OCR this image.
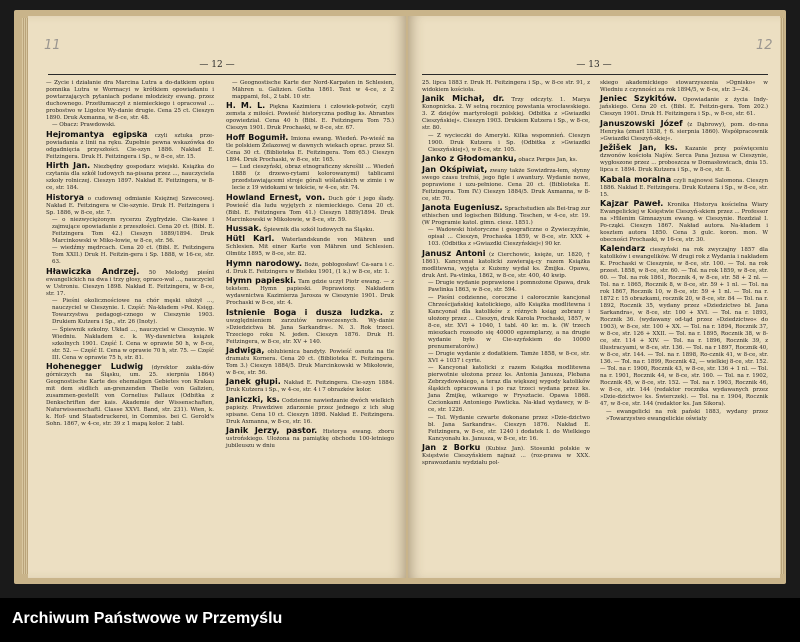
11
— 12 —

— Zycie i działanie dra Marcina Lutra a do-datkiem opisu pomnika Lutra w Wormacyi w krótkiem opowiadaniu i powtarzających pytaniach podane młodzieży ewang. przez duchownego. Przetłumaczył z niemieckiego i opracował ... probostwo w Ligotce Wy-danie drugie. Cena 25 ct. Cieszyn 1890. Druk Axmanna, w 8-ce, str. 48.

— Obacz: Prawdowski.

Hejromantya egipska czyli sztuka prze-powiadania z linii na ręku. Zupełnie pewna wskazówka do odgadnięcia przyszłości. Cie-szyn 1886. Nakład E. Feitzingera. Druk H. Feitzingera i Sp., w 8-ce, str. 15.

Hirth Jan. Niezbędny gospodarz wiejski. Książka do czytania dla szkół ludowych na-pisana przez ..., nauczyciela szkoły rolniczej. Cieszyn 1897. Nakład E. Feitzingera, w 8-ce, str. 184.

Historya o cudownej odmianie Księżnej Szwecowej. Nakład E. Feitzingera w Cie-szynie. Druk H. Feitzingera i Sp. 1886, w 8-ce, str. 7.

— o niezwyciężonym rycerzu Zygfrydzie. Cie-kawe i zajmujące opowiadanie z przeszłości. Cena 20 ct. (Bibl. E. Feitzingera Tom 42.) Cieszyn 1889/1894. Druk Marcinkowski w Miko-łowie, w 8-ce, str. 56.

— wiedźmy mędrcach. Cena 20 ct. (Bibl. E. Feitzingera Tom XXII.) Druk H. Feitzin-gera i Sp. 1888, w 16-ce, str. 63.

Hławiczka Andrzej. 50 Melodyj pieśni ewangelickich na dwa i trzy głosy, opraco-wał ..., nauczyciel w Ustroniu. Cieszyn 1898. Nakład E. Feitzingera, w 8-ce, str. 17.

— Pieśni okolicznościowe na chór męski ułożył ..., nauczyciel w Cieszynie. I. Część: Na-kładem »Pol. Księg. Towarzystwa pedagogi-cznego w Cieszynie 1903. Drukiem Kutzera i Sp., str. 26 (Inoty).

— Śpiewnik szkolny. Układ ..., nauczyciel w Cieszynie. W Wiedniu. Nakładem c. k. Wy-dawnictwa książek szkolnych 1901. Część I. Cena w oprawie 50 h, w 8-ce, str. 52. — Część II. Cena w oprawie 70 h, str. 75. — Część III. Cena w oprawie 75 h, str. 81.

Hohenegger Ludwig (dyrektor zakła-dów górniczych na Śląsku, um. 25. sierpnia 1864) Geognostische Karte des ehemaligen Gebietes von Krakau mit dem südlich an-grenzenden Theile von Galizien, zusammen-gestellt von Cornelius Fallaux (Odbitka z Denkschriften der kais. Akademie der Wissenschaften, Naturwissenschaftl. Classe XXVI. Band, str. 231). Wien, k. k. Hof- und Staatsdruckerei, in Commiss. bei C. Gerold's Sohn. 1867, w 4-ce, str. 39 z 1 mapą kolor. 2 tabl.

— Geognostische Karte der Nord-Karpaten in Schlesien, Mähren u. Galizien. Gotha 1861. Text w 4-ce, z 2 mappami, fol., 2 tabl. 10 str.

H. M. L. Piękna Kazimiera i człowiek-potwór, czyli zemsta z miłości. Powieść historyczna podług ks. Abrantes opowiedział. Cena 40 h (Bibl. E. Feitzingera Tom 75.) Cieszyn 1901. Druk Prochaski, w 8-ce, str. 67.

Hoff Bogumił. Imiona ewang. Wiedeń. Po-wieść na tle polskiem Żelazowej w dawnych wiekach oprac. przez Sł. Cena 30 ct. (Biblioteka E. Feitzingera. Tom 65.) Cieszyn 1894. Druk Prochaski, w 8-ce, str. 165.

— Lud cieszyński, obraz etnograficzny skreślił ... Wiedeń 1888 (z drzewo-rytami kolorowanymi) tablicami przedstawiającemi stroje górali wiślańskich w zimie i w lecie z 19 widokami w tekście, w 4-ce, str. 74.

Howland Ernest, von. Duch gór i jego ślady. Powieść dla ludu wyjętych z niemieckiego. Cena 20 ct. (Bibl. E. Feitzingera Tom 41.) Cieszyn 1889/1894. Druk Marcinkowski w Mikołowie, w 8-ce, str. 59.

Hussak. Śpiewnik dla szkół ludowych na Śląsku.

Hütl Karl. Waterlandskunde von Mähren und Schlesien. Mit einer Karte von Mähren und Schlesien. Olmütz 1895, w 8-ce, str. 82.

Hymn narodowy. Boże, pobłogosław! Ca-sara i c. d. Druk E. Feitzingera w Bielsku 1901, (1 k.) w 8-ce, str. 1.

Hymn papieski. Tam gdzie uczył Piotr ewang. — z tekstem. Hymn papieski. Poprawiony. Nakładem wydawnictwa Kazimierza Jarosza w Cieszynie 1901. Druk Prochaski w 8-ce, str. 4.

Istnienie Boga i dusza ludzka. Z uwzględnieniem zarzutów nowoczesnych. Wy-danie »Dziedzictwa bł. Jana Sarkandra«. N. 3. Rok trzeci. Trzeciego roku N. jeden. Cieszyn 1876. Druk H. Feitzingera, w 8-ce, str. XV + 140.

Jadwiga, oblubienica bandyty. Powieść osnuta na tle dramatu Kornera. Cena 20 ct. (Biblioteka E. Feitzingera. Tom 3.) Cieszyn 1884/5. Druk Marcinkowski w Mikołowie, w 8-ce, str. 56.

Janek głupi. Nakład E. Feitzingera. Cie-szyn 1884. Druk Kutzera i Sp., w 4-ce, str. 4 i 7 obrazków kolor.

Janiczki, ks. Codzienne nawiedzanie dwóch wielkich papieży. Prawdziwe zdarzenie przez jednego z ich sług spisane. Cena 10 ct. Cieszyn 1898. Nakład E. Feitzingera. Druk Axmanna, w 8-ce, str. 16.

Janik Jerzy, pastor. Historya ewang. zboru ustrońskiego. Ułożona na pamiątkę obchodu 100-letniego jubileuszu w dniu

12
— 13 —

25. lipca 1883 r. Druk H. Feitzingera i Sp., w 8-ce str. 91, z widokiem kościoła.

Janik Michał, dr. Trzy odczyty. 1. Marya Konopnicka. 2. W setną rocznicę powstania wrocławskiego. 3. Z dziejów martyrologii polskiej. Odbitka z »Gwiazdki Cieszyńskiej«. Cieszyn 1903. Drukiem Kutzera i Sp., w 8-ce, str. 80.

— Z wycieczki do Ameryki. Kilka wspomnień. Cieszyn 1900. Druk Kutzera i Sp. (Odbitka z »Gwiazdki Cieszyńskiej«), w 8-ce, str. 105.

Janko z Głodomanku, obacz Perges Jan, ks.

Jan Okśpiwiat, zwany także Sowizdrza-łem, słynny swego czasu trefniś, jego figle i awantury. Wydanie nowe, poprawione i uzu-pełnione. Cena 20 ct. (Biblioteka E. Feitzingera. Tom IV.) Cieszyn 1884/5. Druk Axmanna, w 8-ce, str. 70.

Janota Eugeniusz. Sprachstudien als Bei-trag zur ethischen und logischen Bildung. Teschen, w 4-ce, str. 19. (W Programie katol. gimn. ciesz. 1851.)

— Wadowski historyczne i geograficzne o Żywieczyźnie, opisał ... Cieszyn, Prochaska 1859, w 8-ce, str. XXX + 103. (Odbitka z »Gwiazdki Cieszyńskiej«) 90 kr.

Janusz Antoni (z Cierchowic, księże, ur. 1820, † 1861). Kancyonał katolicki zawierają-cy razem Książka modlitewna, wyjęta z Kużeny wydał ks. Żmijka. Opawa, druk Ant. Pa-vlinka, 1862, w 8-ce, str. 400, 40 kwip.

— Drugie wydanie poprawione i pomnożone Opawa, druk Pawlinka 1863, w 8-ce, str. 594.

— Pieśni codzienne, coroczne i całorocznie kancjonał Chrześcijańskiej katolickiego, alfo Książka modlitewna i Kancyonał dla katolików z różnych ksiąg zebrany i ułożony przez ... Cieszyn, druk Karola Prochaski, 1857, w 8-ce, str. XVI + 1040, 1 tabl. 40 kr. m. k. (W trzech mieszkach rozeszło się 40000 egzemplarzy, a na drugie wydanie było w Cie-szyńskiem do 10000 prenumeratorów.)

— Drugie wydanie z dodatkiem. Tamże 1858, w 8-ce, str. XVI + 1037 i cyrte.

— Kancyonał katolicki z razem Książka modlitewna pierwotnie ułożona przez ks. Antonia Janusza, Plebana Zebrzydowskiego, a teraz dla większej wygody katolików śląskich opracowana i po raz trzeci wydana przez ks. Jana Żmijkę, wikarego w Frysztacie. Opawa 1868. Czcionkami Antoniego Pawlicka. Na-kład wydawcy, w 8-ce, str. 1226.

— Tol. Wydanie czwarte dokonane przez »Dzie-dzictwo bł. Jana Sarkandra«. Cieszyn 1876. Nakład E. Feitzingera, w 8-ce, str. 1240 i dodatek I. do Wielkiego Kancyonału ks. Janusza, w 8-ce, str. 16.

Jan z Borku (Kubisz Jan). Stosunki polskie w Księstwie Cieszyńskiem najnaż ... (roz-prawa w XXX. sprawozdaniu wydziału pol-

skiego akademickiego stowarzyszenia »Ognisko« w Wiedniu z czynności za rok 1894/5, w 8-ce, str. 3—24.

Jeniec Szykitów. Opowiadanie z życia Indy-jańskiego. Cena 20 ct. (Bibl. E. Feitzin-gera. Tom 202.) Cieszyn 1901. Druk H. Feitzingera i Sp., w 8-ce, str. 61.

Januszowski Józef (z Dąbrowy), pom. do-nna Henryka (zmarł 1838, † 6. sierpnia 1860). Współpracownik »Gwiazdki Cieszyń-skiej«.

Ježišek Jan, ks. Kazanie przy poświęceniu dzwonów kościoła Najśw. Serca Pana Jezusa w Cieszynie, wygłoszone przez ... proboszcza w Domasłowicach, dnia 15. lipca r. 1894. Druk Kutzera i Sp., w 8-ce, str. 8.

Kabala moralna czyli najnowsi Salomona. Cieszyn 1886. Nakład E. Feitzingera. Druk Kutzera i Sp., w 8-ce, str. 15.

Kajzar Paweł. Kronika Historya kościelna Wiary Ewangelickiej w Księstwie Cieszyń-skiem przez ... Professor na »Hilenim Gimnazyum ewang. w Cieszynie. Rozdział I. Po-cząki. Cieszyn 1867. Nakład autora. Na-kładem i kosztem autora 1850. Cena 3 gulc. koron. mon. W obecności Prochaski, w 16-ce, str. 30.

Kalendarz cieszyński na rok zwyczajny 1857 dla katolików i ewangelików. W drugi rok z Wydania i nakładem K. Prochaski w Cieszynie, w 8-ce, str. 100. — Tol. na rok przest. 1858, w 8-ce, str. 60. — Tol. na rok 1859, w 8-ce, str. 60. — Tol. na rok 1861, Rocznik 4, w 8-ce, str. 58 + 2 nl. — Tol. na r. 1865, Rocznik 8, w 8-ce, str. 59 + 1 nl. — Tol. na rok 1867, Rocznik 10, w 8-ce, str. 59 + 1 nl. — Tol. na r. 1872 r. 15 obrazkami, rocznik 20, w 8-ce, str. 84 — Tol. na r. 1892, Rocznik 35, wydany przez »Dziedzictwo bł. Jana Sarkandra«, w 8-ce, str. 100 + XVI. — Tol. na r. 1893, Rocznik 36. (wydawany od-tąd przez »Dziedzictwo« do 1903), w 8-ce, str. 100 + XX. — Tol. na r. 1894, Rocznik 37, w 8-ce, str. 126 + XXII. — Tol. na r. 1895, Rocznik 38, w 8-ce, str. 114 + XIV. — Tol. na r. 1896, Rocznik 39, z illustracyami, w 8-ce, str. 136. — Tol. na r 1897, Rocznik 40, w 8-ce, str. 144. — Tol. na r. 1898, Ro-cznik 41, w 8-ce, str. 136. — Tol. na r. 1899, Rocznik 42, — wielkiej 8-ce, str. 152. — Tol. na r. 1900, Rocznik 43, w 8-ce, str. 136 + 1 nl. — Tol. na r. 1901, Rocznik 44, w 8-ce, str. 160. — Tol. na r. 1902, Rocznik 45, w 8-ce, str. 152. — Tol. na r. 1903, Rocznik 46, w 8-ce, str. 144 (redaktor rocznika wydawanych przez »Dzie-dzictwo« ks. Świerczek). — Tol. na r. 1904, Rocznik 47, w 8-ce, str. 144 (redaktor ks. Jan Sikora).

— ewangelicki na rok pański 1883, wydany przez »Towarzystwo ewangelickie oświaty

Archiwum Państwowe w Przemyślu
